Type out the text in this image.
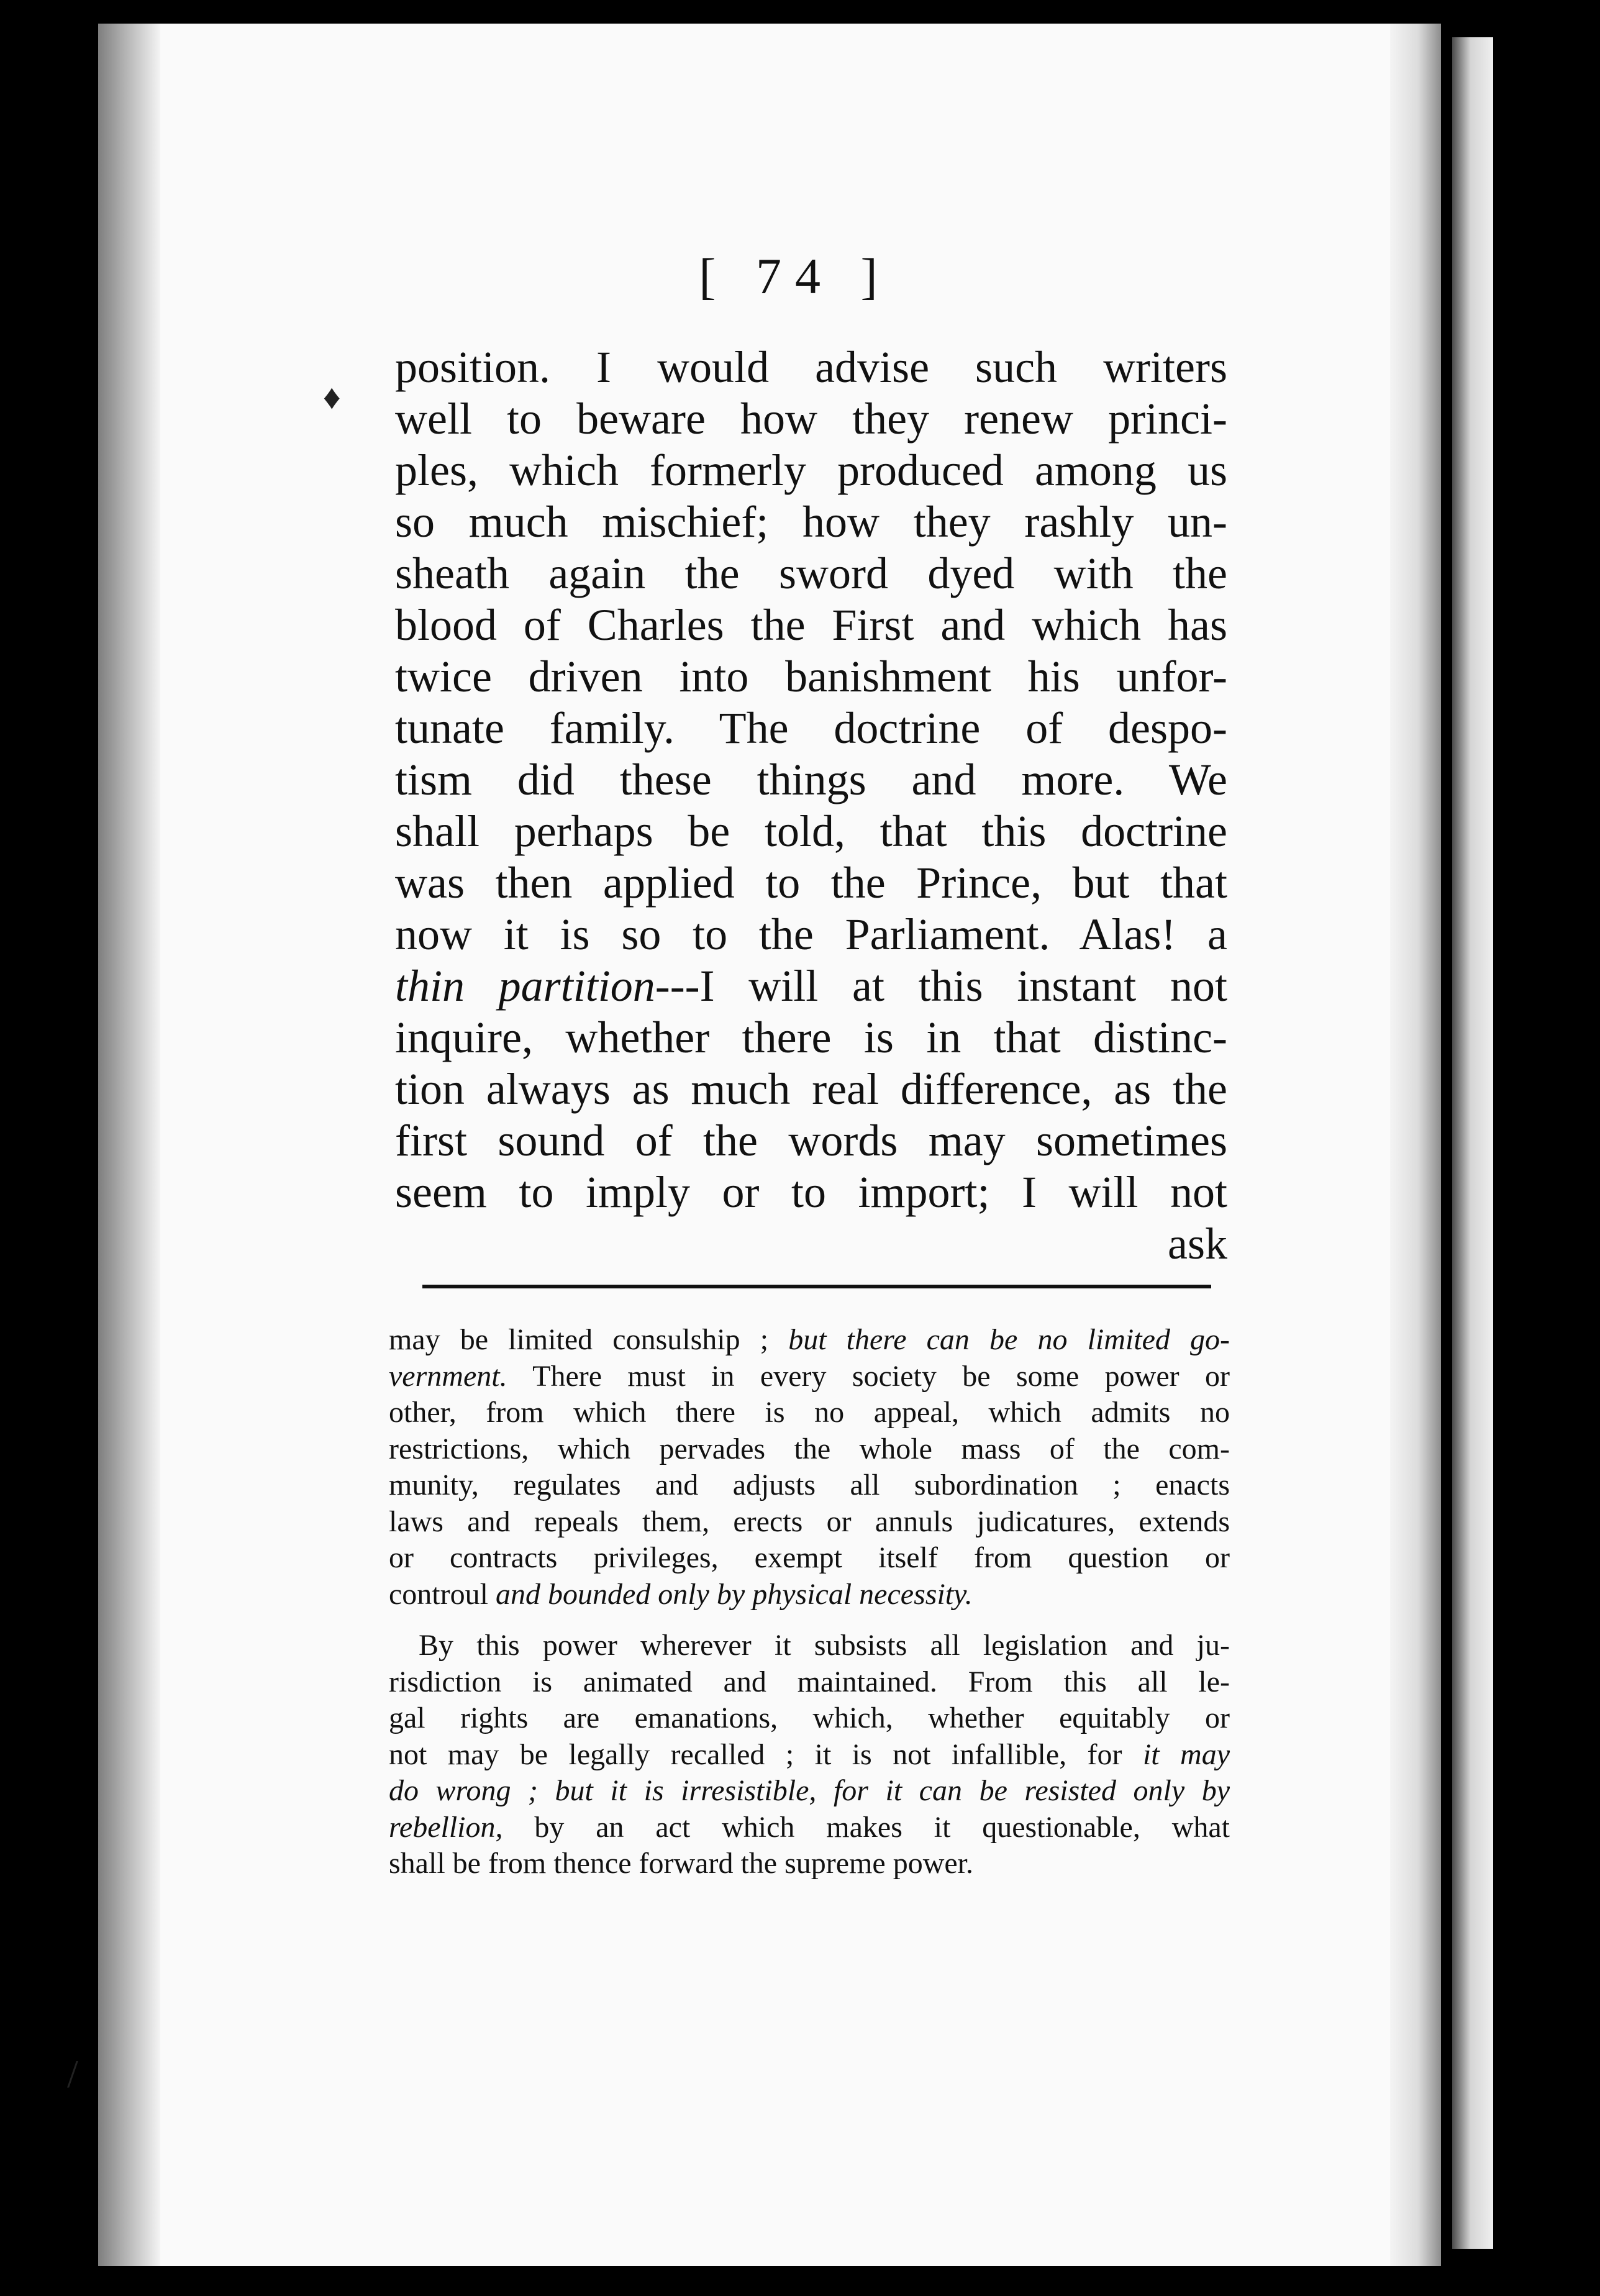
♦
/
[ 74 ]
position. I would advise such writers
well to beware how they renew princi-
ples, which formerly produced among us
so much mischief; how they rashly un-
sheath again the sword dyed with the
blood of Charles the First and which has
twice driven into banishment his unfor-
tunate family. The doctrine of despo-
tism did these things and more. We
shall perhaps be told, that this doctrine
was then applied to the Prince, but that
now it is so to the Parliament. Alas! a
thin partition---I will at this instant not
inquire, whether there is in that distinc-
tion always as much real difference, as the
first sound of the words may sometimes
seem to imply or to import; I will not
ask
may be limited consulship ; but there can be no limited go-
vernment. There must in every society be some power or
other, from which there is no appeal, which admits no
restrictions, which pervades the whole mass of the com-
munity, regulates and adjusts all subordination ; enacts
laws and repeals them, erects or annuls judicatures, extends
or contracts privileges, exempt itself from question or
controul and bounded only by physical necessity.
By this power wherever it subsists all legislation and ju-
risdiction is animated and maintained. From this all le-
gal rights are emanations, which, whether equitably or
not may be legally recalled ; it is not infallible, for it may
do wrong ; but it is irresistible, for it can be resisted only by
rebellion, by an act which makes it questionable, what
shall be from thence forward the supreme power.
